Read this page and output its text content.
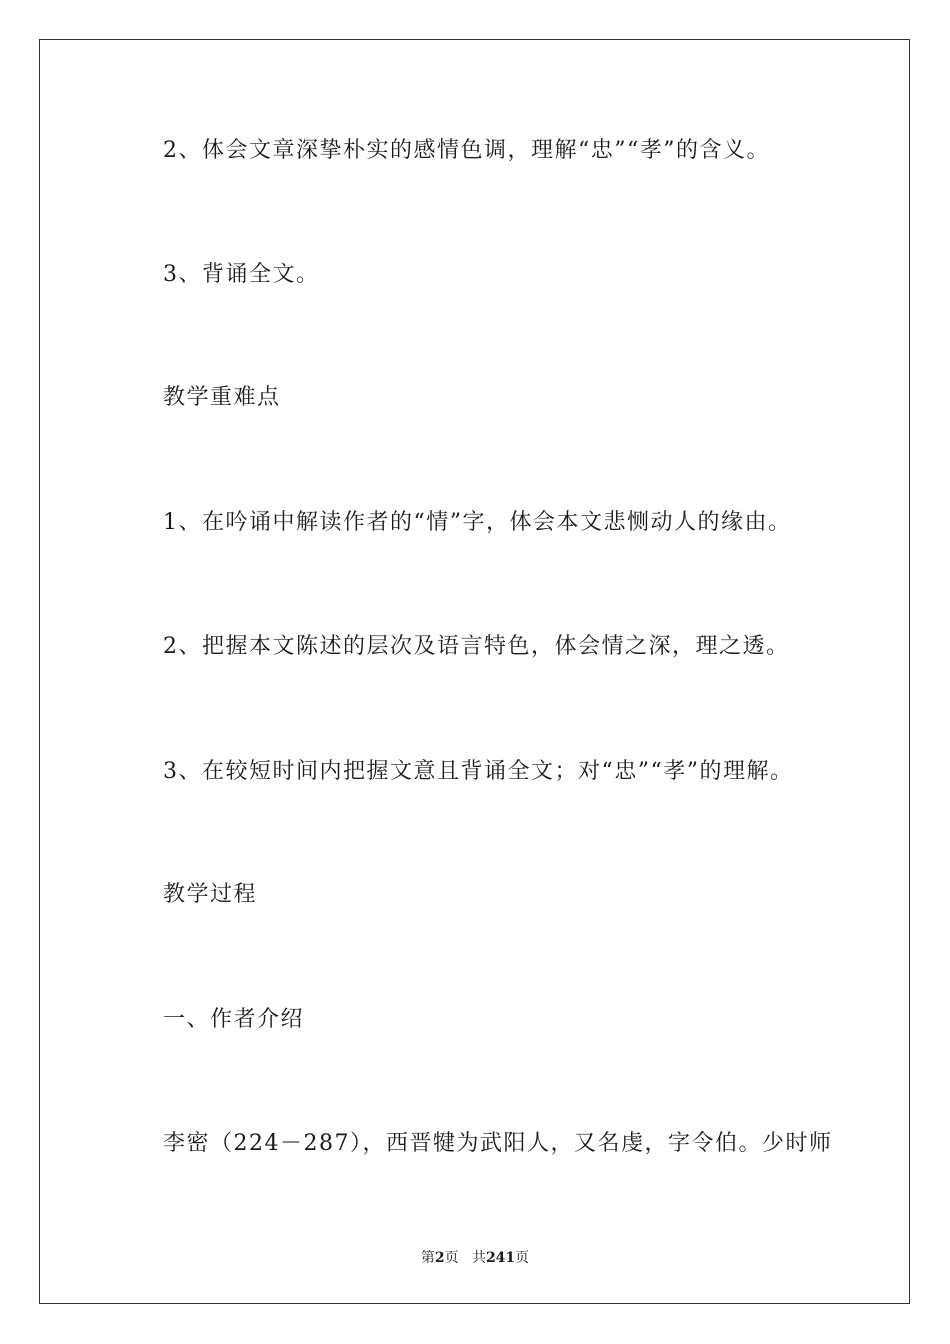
2、体会文章深挚朴实的感情色调，理解“忠”“孝”的含义。
3、背诵全文。
教学重难点
1、在吟诵中解读作者的“情”字，体会本文悲恻动人的缘由。
2、把握本文陈述的层次及语言特色，体会情之深，理之透。
3、在较短时间内把握文意且背诵全文；对“忠”“孝”的理解。
教学过程
一、作者介绍
李密（224－287），西晋犍为武阳人，又名虔，字令伯。少时师
第2页 共241页
